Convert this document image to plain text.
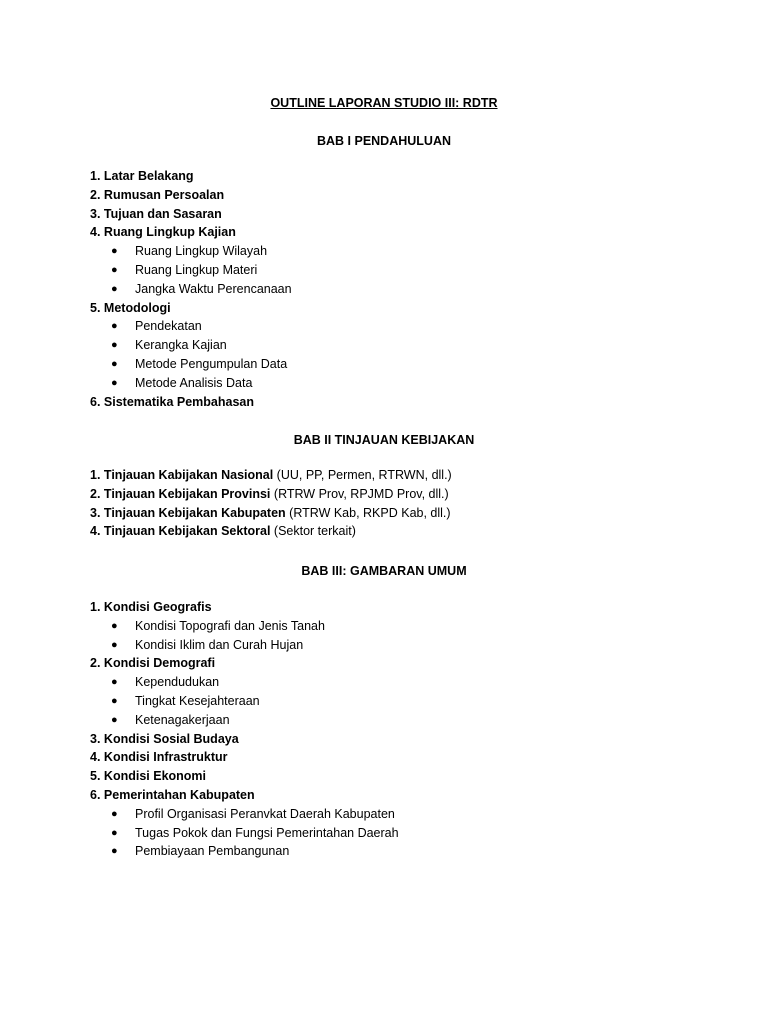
OUTLINE LAPORAN STUDIO III: RDTR
BAB I PENDAHULUAN
1. Latar Belakang
2. Rumusan Persoalan
3. Tujuan dan Sasaran
4. Ruang Lingkup Kajian
● Ruang Lingkup Wilayah
● Ruang Lingkup Materi
● Jangka Waktu Perencanaan
5. Metodologi
● Pendekatan
● Kerangka Kajian
● Metode Pengumpulan Data
● Metode Analisis Data
6. Sistematika Pembahasan
BAB II TINJAUAN KEBIJAKAN
1. Tinjauan Kabijakan Nasional (UU, PP, Permen, RTRWN, dll.)
2. Tinjauan Kebijakan Provinsi (RTRW Prov, RPJMD Prov, dll.)
3. Tinjauan Kebijakan Kabupaten (RTRW Kab, RKPD Kab, dll.)
4. Tinjauan Kebijakan Sektoral (Sektor terkait)
BAB III: GAMBARAN UMUM
1. Kondisi Geografis
● Kondisi Topografi dan Jenis Tanah
● Kondisi Iklim dan Curah Hujan
2. Kondisi Demografi
● Kependudukan
● Tingkat Kesejahteraan
● Ketenagakerjaan
3. Kondisi Sosial Budaya
4. Kondisi Infrastruktur
5. Kondisi Ekonomi
6. Pemerintahan Kabupaten
● Profil Organisasi Peranvkat Daerah Kabupaten
● Tugas Pokok dan Fungsi Pemerintahan Daerah
● Pembiayaan Pembangunan
